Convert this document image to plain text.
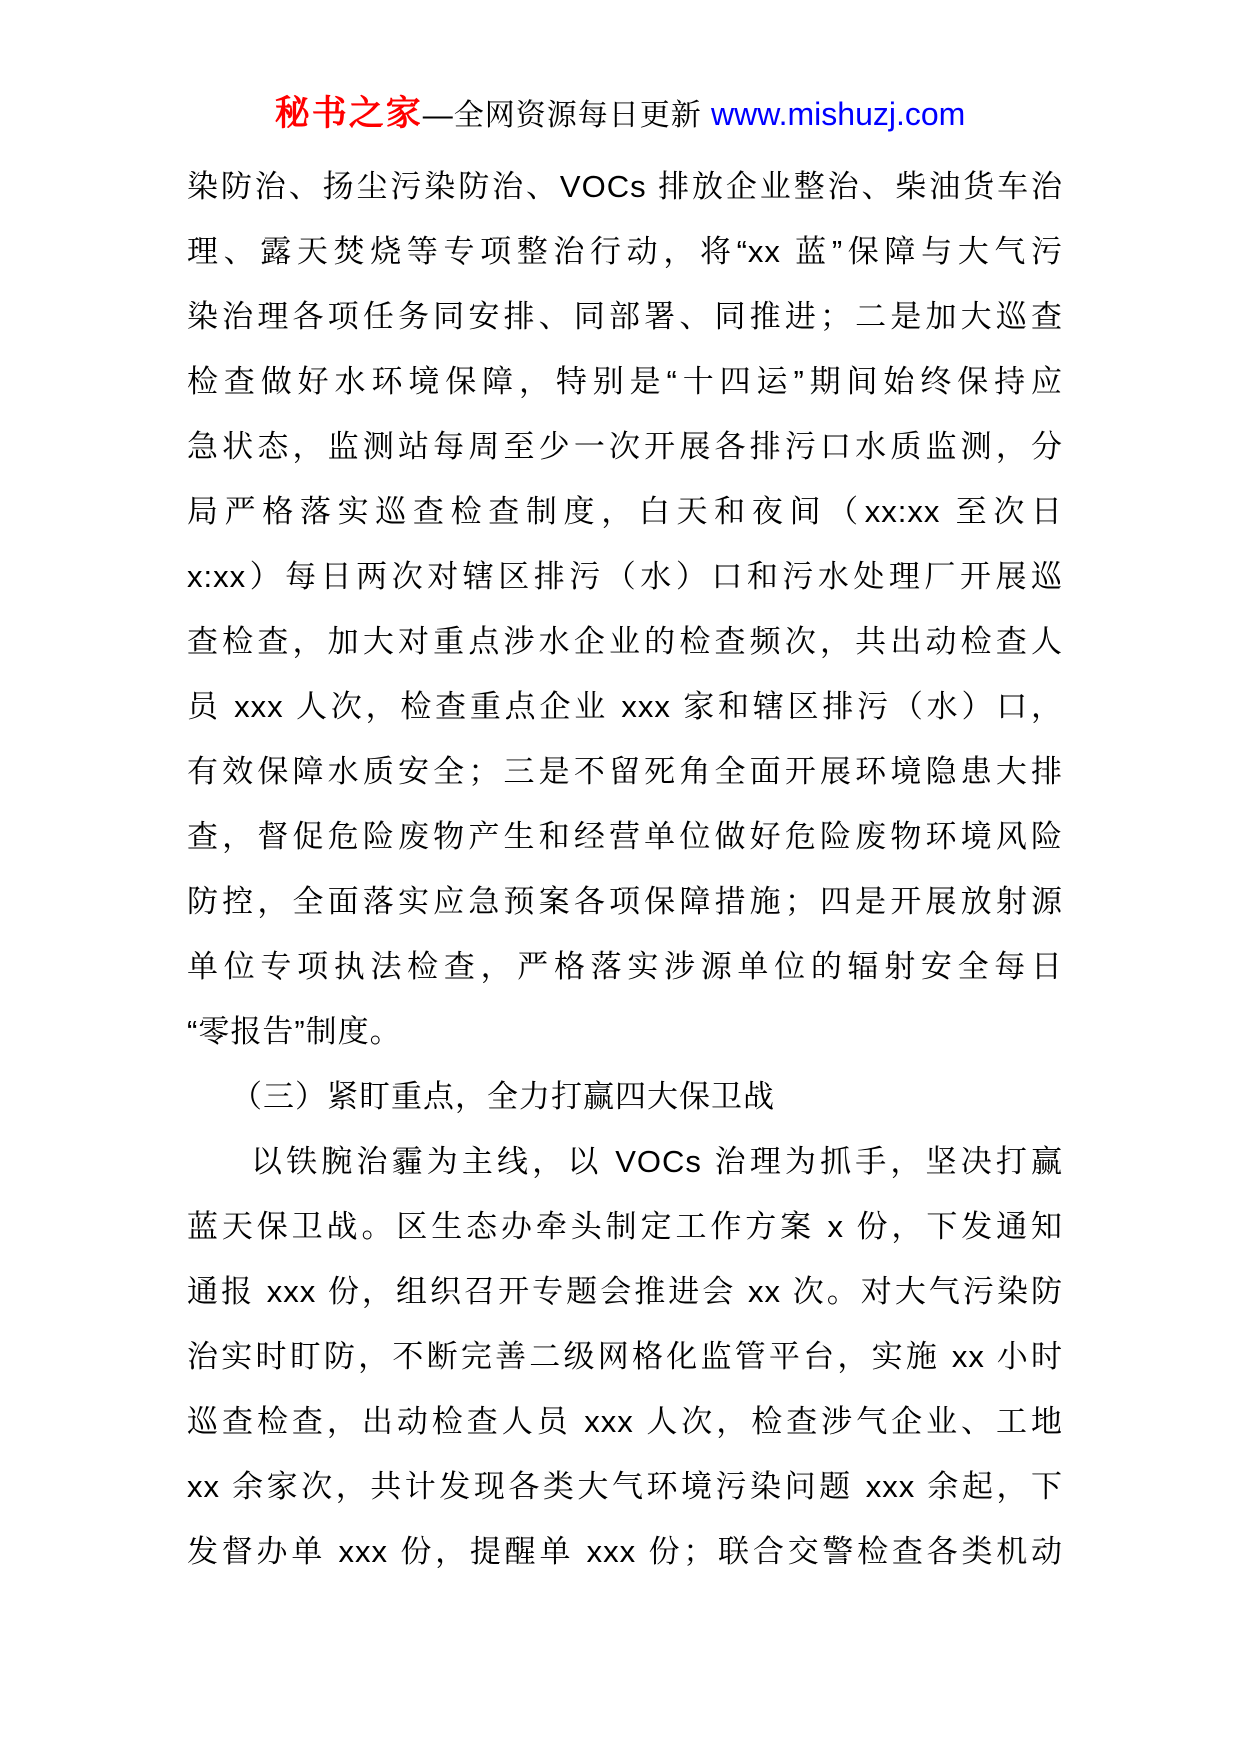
秘书之家—全网资源每日更新 www.mishuzj.com
染防治、扬尘污染防治、VOCs 排放企业整治、柴油货车治
理、露天焚烧等专项整治行动，将“xx 蓝”保障与大气污
染治理各项任务同安排、同部署、同推进；二是加大巡查
检查做好水环境保障，特别是“十四运”期间始终保持应
急状态，监测站每周至少一次开展各排污口水质监测，分
局严格落实巡查检查制度，白天和夜间（xx:xx 至次日
x:xx）每日两次对辖区排污（水）口和污水处理厂开展巡
查检查，加大对重点涉水企业的检查频次，共出动检查人
员 xxx 人次，检查重点企业 xxx 家和辖区排污（水）口，
有效保障水质安全；三是不留死角全面开展环境隐患大排
查，督促危险废物产生和经营单位做好危险废物环境风险
防控，全面落实应急预案各项保障措施；四是开展放射源
单位专项执法检查，严格落实涉源单位的辐射安全每日
“零报告”制度。
（三）紧盯重点，全力打赢四大保卫战
以铁腕治霾为主线，以 VOCs 治理为抓手，坚决打赢
蓝天保卫战。区生态办牵头制定工作方案 x 份，下发通知
通报 xxx 份，组织召开专题会推进会 xx 次。对大气污染防
治实时盯防，不断完善二级网格化监管平台，实施 xx 小时
巡查检查，出动检查人员 xxx 人次，检查涉气企业、工地
xx 余家次，共计发现各类大气环境污染问题 xxx 余起，下
发督办单 xxx 份，提醒单 xxx 份；联合交警检查各类机动
